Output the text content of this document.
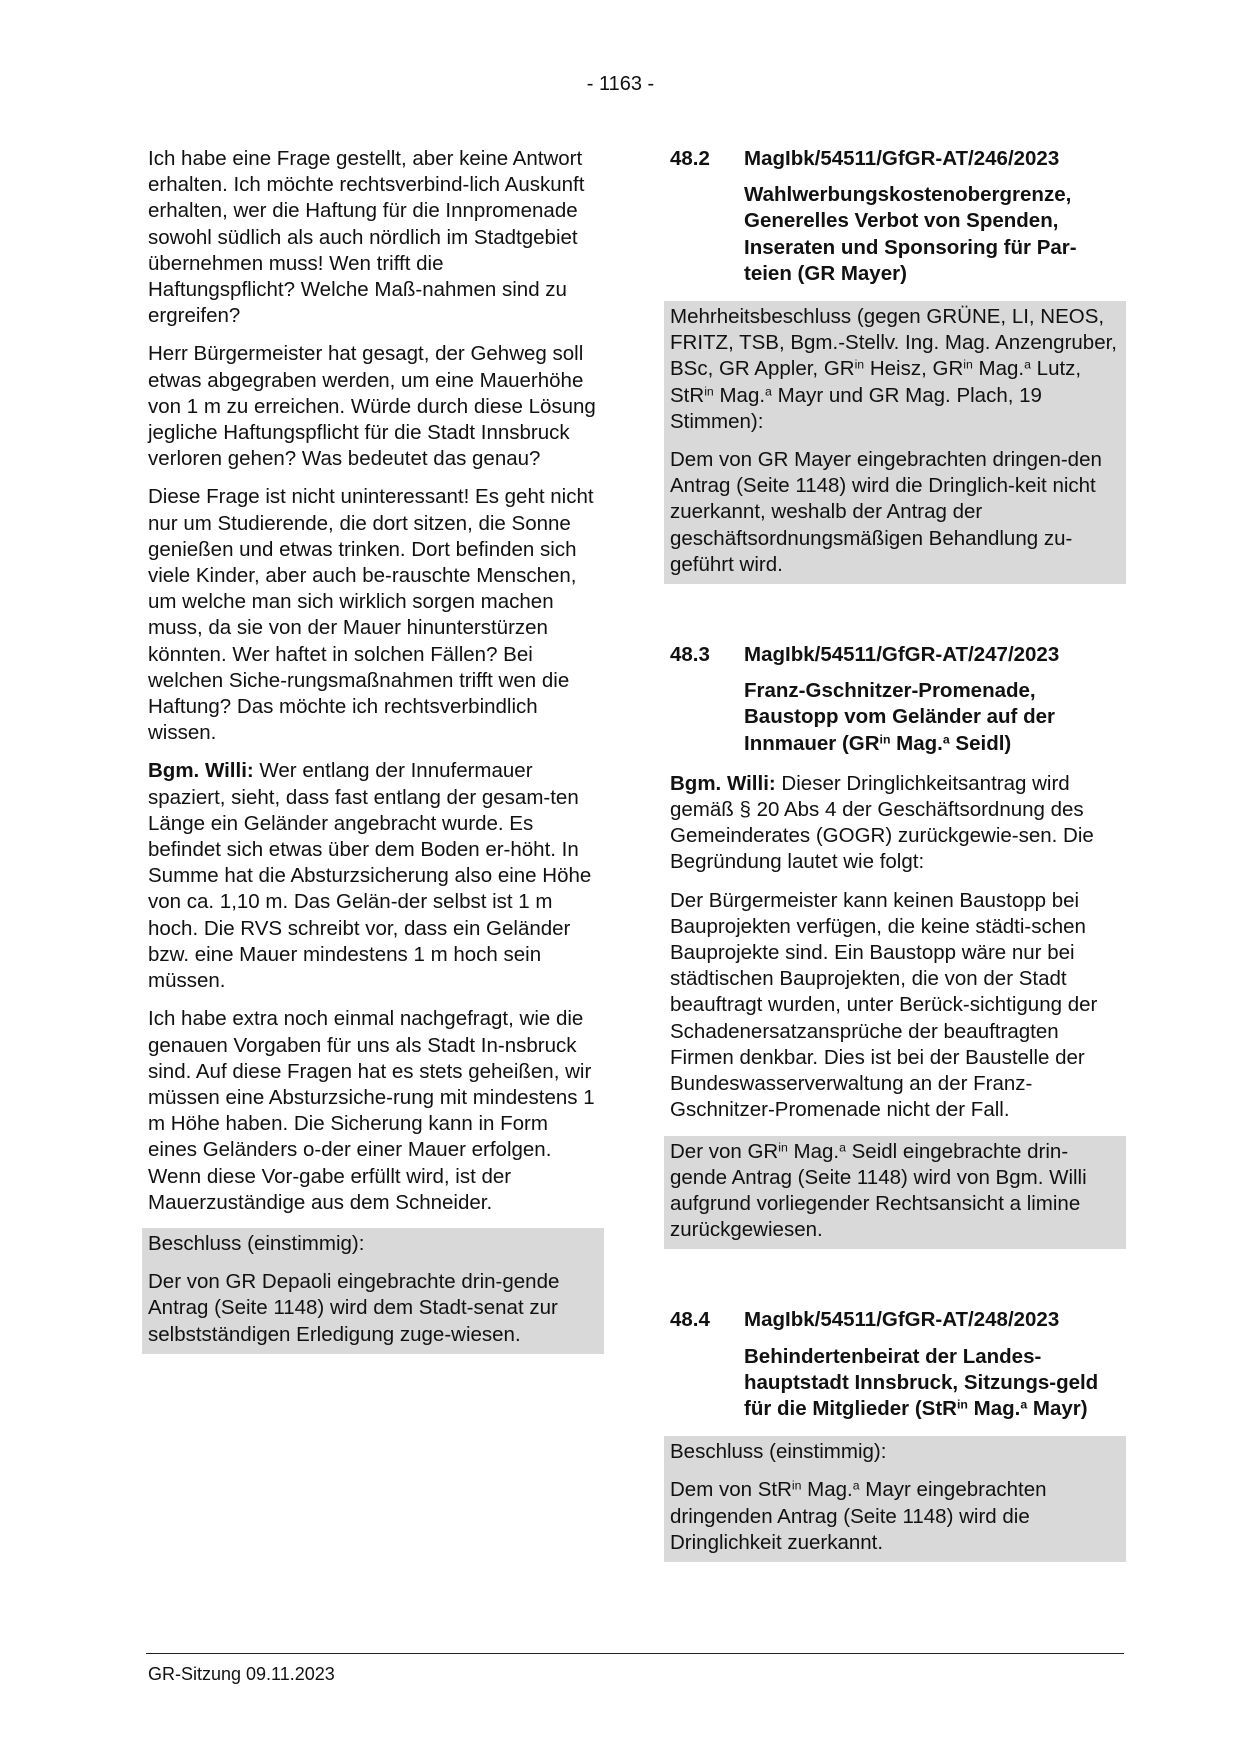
- 1163 -

Ich habe eine Frage gestellt, aber keine Antwort erhalten. Ich möchte rechtsverbind-lich Auskunft erhalten, wer die Haftung für die Innpromenade sowohl südlich als auch nördlich im Stadtgebiet übernehmen muss! Wen trifft die Haftungspflicht? Welche Maß-nahmen sind zu ergreifen?

Herr Bürgermeister hat gesagt, der Gehweg soll etwas abgegraben werden, um eine Mauerhöhe von 1 m zu erreichen. Würde durch diese Lösung jegliche Haftungspflicht für die Stadt Innsbruck verloren gehen? Was bedeutet das genau?

Diese Frage ist nicht uninteressant! Es geht nicht nur um Studierende, die dort sitzen, die Sonne genießen und etwas trinken. Dort befinden sich viele Kinder, aber auch be-rauschte Menschen, um welche man sich wirklich sorgen machen muss, da sie von der Mauer hinunterstürzen könnten. Wer haftet in solchen Fällen? Bei welchen Siche-rungsmaßnahmen trifft wen die Haftung? Das möchte ich rechtsverbindlich wissen.

Bgm. Willi: Wer entlang der Innufermauer spaziert, sieht, dass fast entlang der gesam-ten Länge ein Geländer angebracht wurde. Es befindet sich etwas über dem Boden er-höht. In Summe hat die Absturzsicherung also eine Höhe von ca. 1,10 m. Das Gelän-der selbst ist 1 m hoch. Die RVS schreibt vor, dass ein Geländer bzw. eine Mauer mindestens 1 m hoch sein müssen.

Ich habe extra noch einmal nachgefragt, wie die genauen Vorgaben für uns als Stadt In-nsbruck sind. Auf diese Fragen hat es stets geheißen, wir müssen eine Absturzsiche-rung mit mindestens 1 m Höhe haben. Die Sicherung kann in Form eines Geländers o-der einer Mauer erfolgen. Wenn diese Vor-gabe erfüllt wird, ist der Mauerzuständige aus dem Schneider.

Beschluss (einstimmig):

Der von GR Depaoli eingebrachte drin-gende Antrag (Seite 1148) wird dem Stadt-senat zur selbstständigen Erledigung zuge-wiesen.

48.2 MagIbk/54511/GfGR-AT/246/2023
Wahlwerbungskostenobergrenze, Generelles Verbot von Spenden, Inseraten und Sponsoring für Par-teien (GR Mayer)

Mehrheitsbeschluss (gegen GRÜNE, LI, NEOS, FRITZ, TSB, Bgm.-Stellv. Ing. Mag. Anzengruber, BSc, GR Appler, $GR^{in}$ Heisz, $GR^{in}$ Mag.$^a$ Lutz, StR$^{in}$ Mag.$^a$ Mayr und GR Mag. Plach, 19 Stimmen):

Dem von GR Mayer eingebrachten dringen-den Antrag (Seite 1148) wird die Dringlich-keit nicht zuerkannt, weshalb der Antrag der geschäftsordnungsmäßigen Behandlung zu-geführt wird.

48.3 MagIbk/54511/GfGR-AT/247/2023
Franz-Gschnitzer-Promenade, Baustopp vom Geländer auf der Innmauer ($GR^{in}$ Mag.$^a$ Seidl)

Bgm. Willi: Dieser Dringlichkeitsantrag wird gemäß § 20 Abs 4 der Geschäftsordnung des Gemeinderates (GOGR) zurückgewie-sen. Die Begründung lautet wie folgt:

Der Bürgermeister kann keinen Baustopp bei Bauprojekten verfügen, die keine städti-schen Bauprojekte sind. Ein Baustopp wäre nur bei städtischen Bauprojekten, die von der Stadt beauftragt wurden, unter Berück-sichtigung der Schadenersatzansprüche der beauftragten Firmen denkbar. Dies ist bei der Baustelle der Bundeswasserverwaltung an der Franz-Gschnitzer-Promenade nicht der Fall.

Der von $GR^{in}$ Mag.$^a$ Seidl eingebrachte drin-gende Antrag (Seite 1148) wird von Bgm. Willi aufgrund vorliegender Rechtsansicht a limine zurückgewiesen.

48.4 MagIbk/54511/GfGR-AT/248/2023
Behindertenbeirat der Landes-hauptstadt Innsbruck, Sitzungs-geld für die Mitglieder (StR$^{in}$ Mag.$^a$ Mayr)

Beschluss (einstimmig):

Dem von StR$^{in}$ Mag.$^a$ Mayr eingebrachten dringenden Antrag (Seite 1148) wird die Dringlichkeit zuerkannt.

GR-Sitzung 09.11.2023
